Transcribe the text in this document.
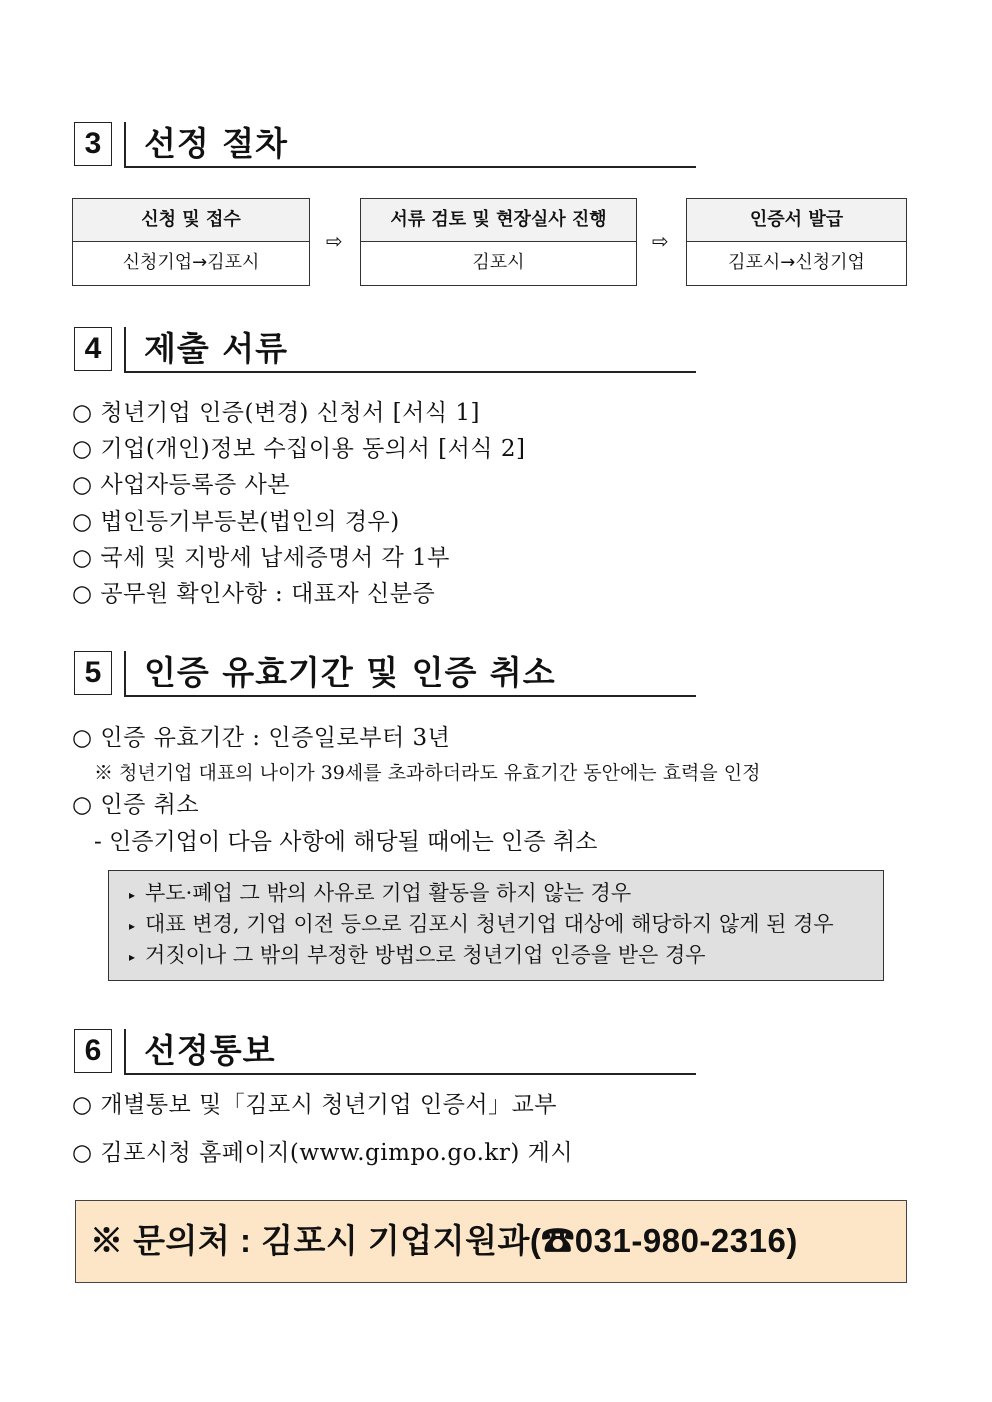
3	선정 절차
신청 및 접수
신청기업→김포시
⇨
서류 검토 및 현장실사 진행
김포시
⇨
인증서 발급
김포시→신청기업
4	제출 서류
○ 청년기업 인증(변경) 신청서 [서식 1]
○ 기업(개인)정보 수집이용 동의서 [서식 2]
○ 사업자등록증 사본
○ 법인등기부등본(법인의 경우)
○ 국세 및 지방세 납세증명서 각 1부
○ 공무원 확인사항 : 대표자 신분증
5	인증 유효기간 및 인증 취소
○ 인증 유효기간 : 인증일로부터 3년
※ 청년기업 대표의 나이가 39세를 초과하더라도 유효기간 동안에는 효력을 인정
○ 인증 취소
- 인증기업이 다음 사항에 해당될 때에는 인증 취소
▸ 부도·폐업 그 밖의 사유로 기업 활동을 하지 않는 경우
▸ 대표 변경, 기업 이전 등으로 김포시 청년기업 대상에 해당하지 않게 된 경우
▸ 거짓이나 그 밖의 부정한 방법으로 청년기업 인증을 받은 경우
6	선정통보
○ 개별통보 및「김포시 청년기업 인증서」교부
○ 김포시청 홈페이지(www.gimpo.go.kr) 게시
※ 문의처 : 김포시 기업지원과(☎031-980-2316)
